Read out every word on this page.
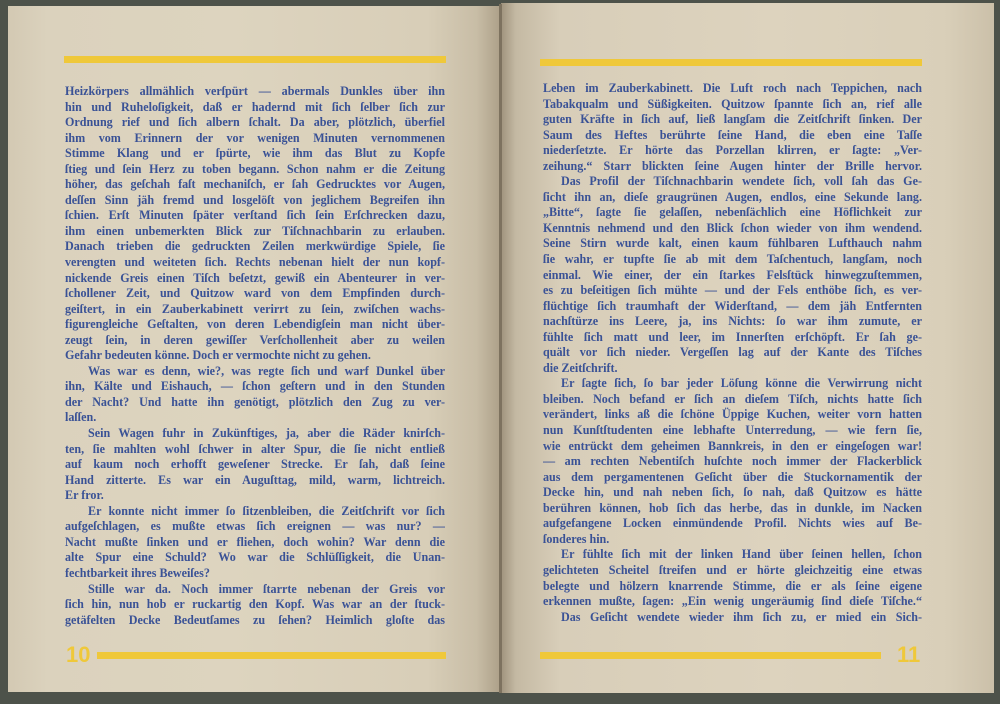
10	11
Heizkörpers allmählich verſpürt — abermals Dunkles über ihn
hin und Ruheloſigkeit, daß er hadernd mit ſich ſelber ſich zur
Ordnung rief und ſich albern ſchalt. Da aber, plötzlich, überfiel
ihm vom Erinnern der vor wenigen Minuten vernommenen
Stimme Klang und er ſpürte, wie ihm das Blut zu Kopfe
ſtieg und ſein Herz zu toben begann. Schon nahm er die Zeitung
höher, das geſchah faſt mechaniſch, er ſah Gedrucktes vor Augen,
deſſen Sinn jäh fremd und losgelöſt von jeglichem Begreifen ihn
ſchien. Erſt Minuten ſpäter verſtand ſich ſein Erſchrecken dazu,
ihm einen unbemerkten Blick zur Tiſchnachbarin zu erlauben.
Danach trieben die gedruckten Zeilen merkwürdige Spiele, ſie
verengten und weiteten ſich. Rechts nebenan hielt der nun kopf-
nickende Greis einen Tiſch beſetzt, gewiß ein Abenteurer in ver-
ſchollener Zeit, und Quitzow ward von dem Empfinden durch-
geiſtert, in ein Zauberkabinett verirrt zu ſein, zwiſchen wachs-
figurengleiche Geſtalten, von deren Lebendigſein man nicht über-
zeugt ſein, in deren gewiſſer Verſchollenheit aber zu weilen
Gefahr bedeuten könne. Doch er vermochte nicht zu gehen.
Was war es denn, wie?, was regte ſich und warf Dunkel über
ihn, Kälte und Eishauch, — ſchon geſtern und in den Stunden
der Nacht? Und hatte ihn genötigt, plötzlich den Zug zu ver-
laſſen.
Sein Wagen fuhr in Zukünftiges, ja, aber die Räder knirſch-
ten, ſie mahlten wohl ſchwer in alter Spur, die ſie nicht entließ
auf kaum noch erhofft geweſener Strecke. Er ſah, daß ſeine
Hand zitterte. Es war ein Auguſttag, mild, warm, lichtreich.
Er fror.
Er konnte nicht immer ſo ſitzenbleiben, die Zeitſchrift vor ſich
aufgeſchlagen, es mußte etwas ſich ereignen — was nur? —
Nacht mußte ſinken und er fliehen, doch wohin? War denn die
alte Spur eine Schuld? Wo war die Schlüſſigkeit, die Unan-
fechtbarkeit ihres Beweiſes?
Stille war da. Noch immer ſtarrte nebenan der Greis vor
ſich hin, nun hob er ruckartig den Kopf. Was war an der ſtuck-
getäfelten Decke Bedeutſames zu ſehen? Heimlich gloſte das
Leben im Zauberkabinett. Die Luft roch nach Teppichen, nach
Tabakqualm und Süßigkeiten. Quitzow ſpannte ſich an, rief alle
guten Kräfte in ſich auf, ließ langſam die Zeitſchrift ſinken. Der
Saum des Heftes berührte ſeine Hand, die eben eine Taſſe
niederſetzte. Er hörte das Porzellan klirren, er ſagte: „Ver-
zeihung.“ Starr blickten ſeine Augen hinter der Brille hervor.
Das Profil der Tiſchnachbarin wendete ſich, voll ſah das Ge-
ſicht ihn an, dieſe graugrünen Augen, endlos, eine Sekunde lang.
„Bitte“, ſagte ſie gelaſſen, nebenſächlich eine Höflichkeit zur
Kenntnis nehmend und den Blick ſchon wieder von ihm wendend.
Seine Stirn wurde kalt, einen kaum fühlbaren Lufthauch nahm
ſie wahr, er tupfte ſie ab mit dem Taſchentuch, langſam, noch
einmal. Wie einer, der ein ſtarkes Felsſtück hinwegzuſtemmen,
es zu beſeitigen ſich mühte — und der Fels enthöbe ſich, es ver-
flüchtige ſich traumhaft der Widerſtand, — dem jäh Entfernten
nachſtürze ins Leere, ja, ins Nichts: ſo war ihm zumute, er
fühlte ſich matt und leer, im Innerſten erſchöpft. Er ſah ge-
quält vor ſich nieder. Vergeſſen lag auf der Kante des Tiſches
die Zeitſchrift.
Er ſagte ſich, ſo bar jeder Löſung könne die Verwirrung nicht
bleiben. Noch befand er ſich an dieſem Tiſch, nichts hatte ſich
verändert, links aß die ſchöne Üppige Kuchen, weiter vorn hatten
nun Kunſtſtudenten eine lebhafte Unterredung, — wie fern ſie,
wie entrückt dem geheimen Bannkreis, in den er eingeſogen war!
— am rechten Nebentiſch huſchte noch immer der Flackerblick
aus dem pergamentenen Geſicht über die Stuckornamentik der
Decke hin, und nah neben ſich, ſo nah, daß Quitzow es hätte
berühren können, hob ſich das herbe, das in dunkle, im Nacken
aufgefangene Locken einmündende Profil. Nichts wies auf Be-
ſonderes hin.
Er fühlte ſich mit der linken Hand über ſeinen hellen, ſchon
gelichteten Scheitel ſtreifen und er hörte gleichzeitig eine etwas
belegte und hölzern knarrende Stimme, die er als ſeine eigene
erkennen mußte, ſagen: „Ein wenig ungeräumig ſind dieſe Tiſche.“
Das Geſicht wendete wieder ihm ſich zu, er mied ein Sich-
